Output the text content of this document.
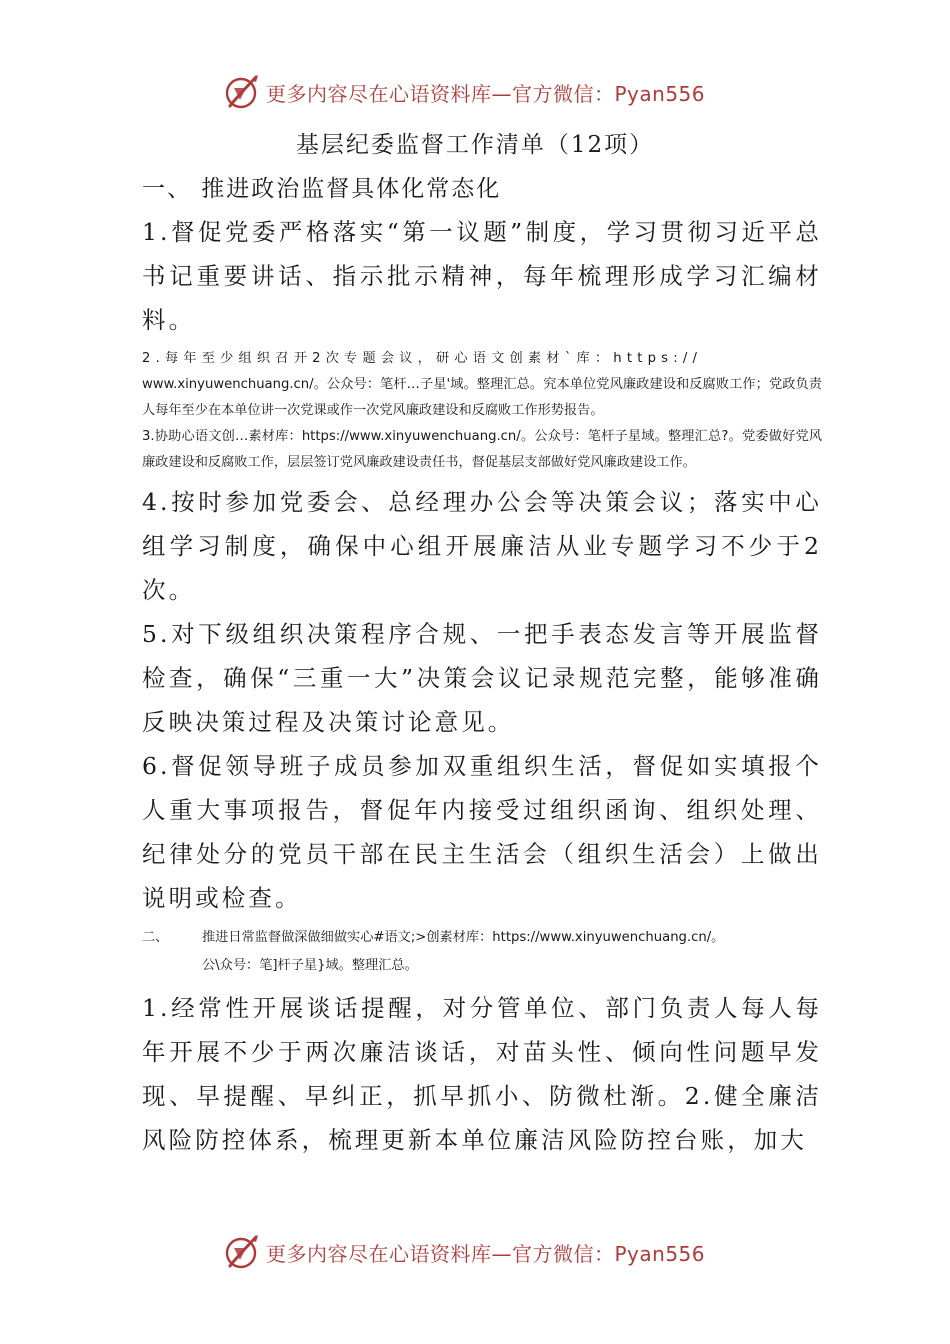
更多内容尽在心语资料库—官方微信：Pyan556
基层纪委监督工作清单（12项）
一、 推进政治监督具体化常态化

1.督促党委严格落实“第一议题”制度，学习贯彻习近平总书记重要讲话、指示批示精神，每年梳理形成学习汇编材料。

2.每年至少组织召开2次专题会议，研心语文创素材`库：https://

www.xinyuwenchuang.cn/。公众号：笔杆…子星'域。整理汇总。究本单位党风廉政建设和反腐败工作；党政负责人每年至少在本单位讲一次党课或作一次党风廉政建设和反腐败工作形势报告。

3.协助心语文创…素材库：https://www.xinyuwenchuang.cn/。公众号：笔杆子星域。整理汇总?。党委做好党风廉政建设和反腐败工作，层层签订党风廉政建设责任书，督促基层支部做好党风廉政建设工作。

4.按时参加党委会、总经理办公会等决策会议；落实中心组学习制度，确保中心组开展廉洁从业专题学习不少于2次。

5.对下级组织决策程序合规、一把手表态发言等开展监督检查，确保“三重一大”决策会议记录规范完整，能够准确反映决策过程及决策讨论意见。

6.督促领导班子成员参加双重组织生活，督促如实填报个人重大事项报告，督促年内接受过组织函询、组织处理、纪律处分的党员干部在民主生活会（组织生活会）上做出说明或检查。

二、	推进日常监督做深做细做实心#语文;>创素材库：https://www.xinyuwenchuang.cn/。
公\众号：笔]杆子星}域。整理汇总。

1.经常性开展谈话提醒，对分管单位、部门负责人每人每年开展不少于两次廉洁谈话，对苗头性、倾向性问题早发现、早提醒、早纠正，抓早抓小、防微杜渐。2.健全廉洁风险防控体系，梳理更新本单位廉洁风险防控台账，加大

更多内容尽在心语资料库—官方微信：Pyan556
